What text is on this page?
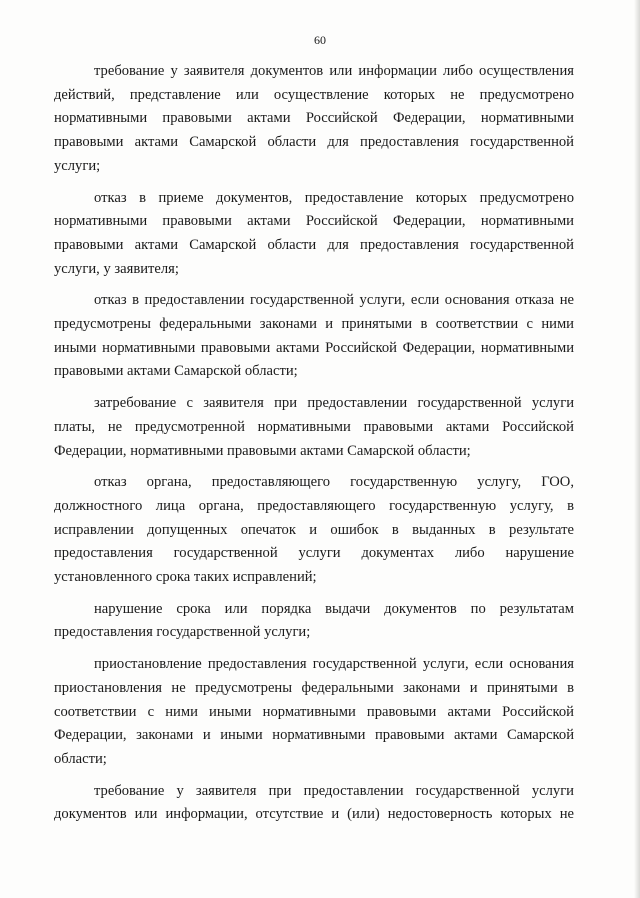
60

требование у заявителя документов или информации либо осуществления действий, представление или осуществление которых не предусмотрено нормативными правовыми актами Российской Федерации, нормативными правовыми актами Самарской области для предоставления государственной услуги;

отказ в приеме документов, предоставление которых предусмотрено нормативными правовыми актами Российской Федерации, нормативными правовыми актами Самарской области для предоставления государственной услуги, у заявителя;

отказ в предоставлении государственной услуги, если основания отказа не предусмотрены федеральными законами и принятыми в соответствии с ними иными нормативными правовыми актами Российской Федерации, нормативными правовыми актами Самарской области;

затребование с заявителя при предоставлении государственной услуги платы, не предусмотренной нормативными правовыми актами Российской Федерации, нормативными правовыми актами Самарской области;

отказ органа, предоставляющего государственную услугу, ГОО, должностного лица органа, предоставляющего государственную услугу, в исправлении допущенных опечаток и ошибок в выданных в результате предоставления государственной услуги документах либо нарушение установленного срока таких исправлений;

нарушение срока или порядка выдачи документов по результатам предоставления государственной услуги;

приостановление предоставления государственной услуги, если основания приостановления не предусмотрены федеральными законами и принятыми в соответствии с ними иными нормативными правовыми актами Российской Федерации, законами и иными нормативными правовыми актами Самарской области;

требование у заявителя при предоставлении государственной услуги документов или информации, отсутствие и (или) недостоверность которых не
